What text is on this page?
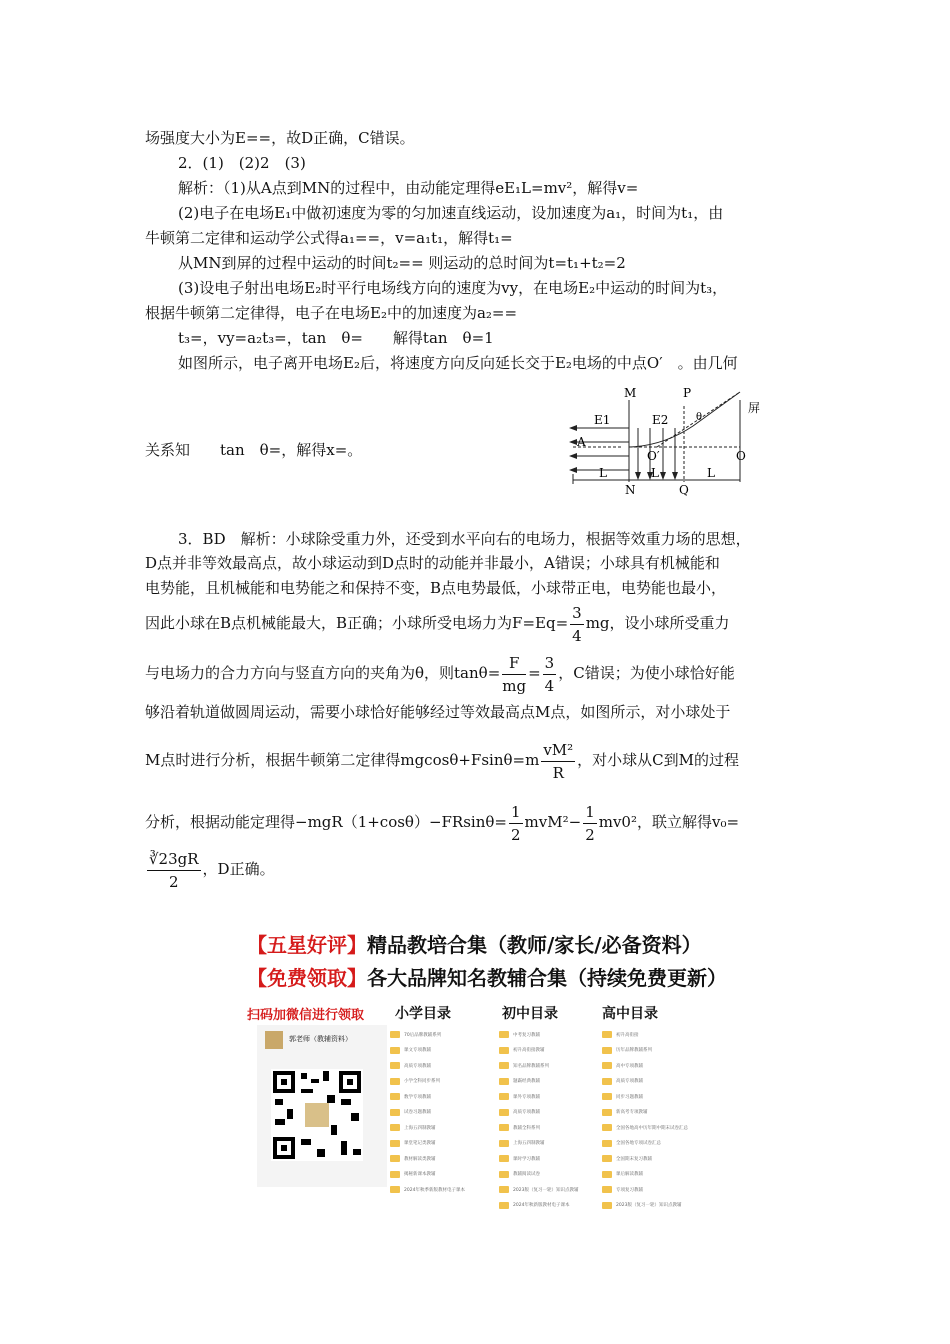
场强度大小为E==，故D正确，C错误。
2．(1)　(2)2　(3)
解析：（1)从A点到MN的过程中，由动能定理得eE₁L=mv²，解得v=
(2)电子在电场E₁中做初速度为零的匀加速直线运动，设加速度为a₁，时间为t₁，由
牛顿第二定律和运动学公式得a₁==，v=a₁t₁，解得t₁=
从MN到屏的过程中运动的时间t₂== 则运动的总时间为t=t₁+t₂=2
(3)设电子射出电场E₂时平行电场线方向的速度为vy，在电场E₂中运动的时间为t₃，
根据牛顿第二定律得，电子在电场E₂中的加速度为a₂==
t₃=，vy=a₂t₃=，tan　θ=　　解得tan　θ=1
如图所示，电子离开电场E₂后，将速度方向反向延长交于E₂电场的中点O′　。由几何
关系知　　tan　θ=，解得x=。
E1	E2
M	P
屏
θ
A
O′	O
L	L	L
N	Q
3．BD　解析：小球除受重力外，还受到水平向右的电场力，根据等效重力场的思想，
D点并非等效最高点，故小球运动到D点时的动能并非最小，A错误；小球具有机械能和
电势能，且机械能和电势能之和保持不变，B点电势最低，小球带正电，电势能也最小，
因此小球在B点机械能最大，B正确；小球所受电场力为$F=Eq= \frac{3}{4}$ mg，设小球所受重力
与电场力的合力方向与竖直方向的夹角为θ，则$\tan\theta= \frac{F}{mg} = \frac{3}{4}$ ，C错误；为使小球恰好能
够沿着轨道做圆周运动，需要小球恰好能够经过等效最高点M点，如图所示，对小球处于
M点时进行分析，根据牛顿第二定律得$mgcos\theta+Fsin\theta=m \frac{\text{vM²}}{R}$ ，对小球从C到M的过程
分析，根据动能定理得$-mgR(1+\cos\theta)-FRsin\theta= \frac{1}{2} mvM^2- \frac{1}{2} mv0^2$，联立解得v₀=
$\frac{∛23gR}{2}$ ，D正确。
【五星好评】精品教培合集（教师/家长/必备资料）
【免费领取】各大品牌知名教辅合集（持续免费更新）
扫码加微信进行领取 小学目录	初中目录	高中目录
郭老师（教辅资料）	70后品牌教辅系列
课文专项教辅
高质专项教辅
小学全科同步系列
数学专项教辅
试卷习题教辅
上海五四制教辅
课堂笔记类教辅
教材解读类教辅
揭秘新课本教辅
2024年秋季新版教材电子课本
中考复习教辅
初升高衔接教辅
知名品牌教辅系列
题霸经典教辅
课外专项教辅
高质专项教辅
教辅全科系列
上海五四制教辅
课时学习教辅
教辅阅读试卷
2023版（复习一轮）知识点教辅
2024年秋新版教材电子课本
初升高衔接
历年品牌教辅系列
高中专项教辅
高质专项教辅
同步习题教辅
新高考专项教辅
全国各地高中历年期中期末试卷汇总
全国各地专项试卷汇总
全国期末复习教辅
课后解读教辅
专项复习教辅
2023版（复习一轮）知识点教辅
